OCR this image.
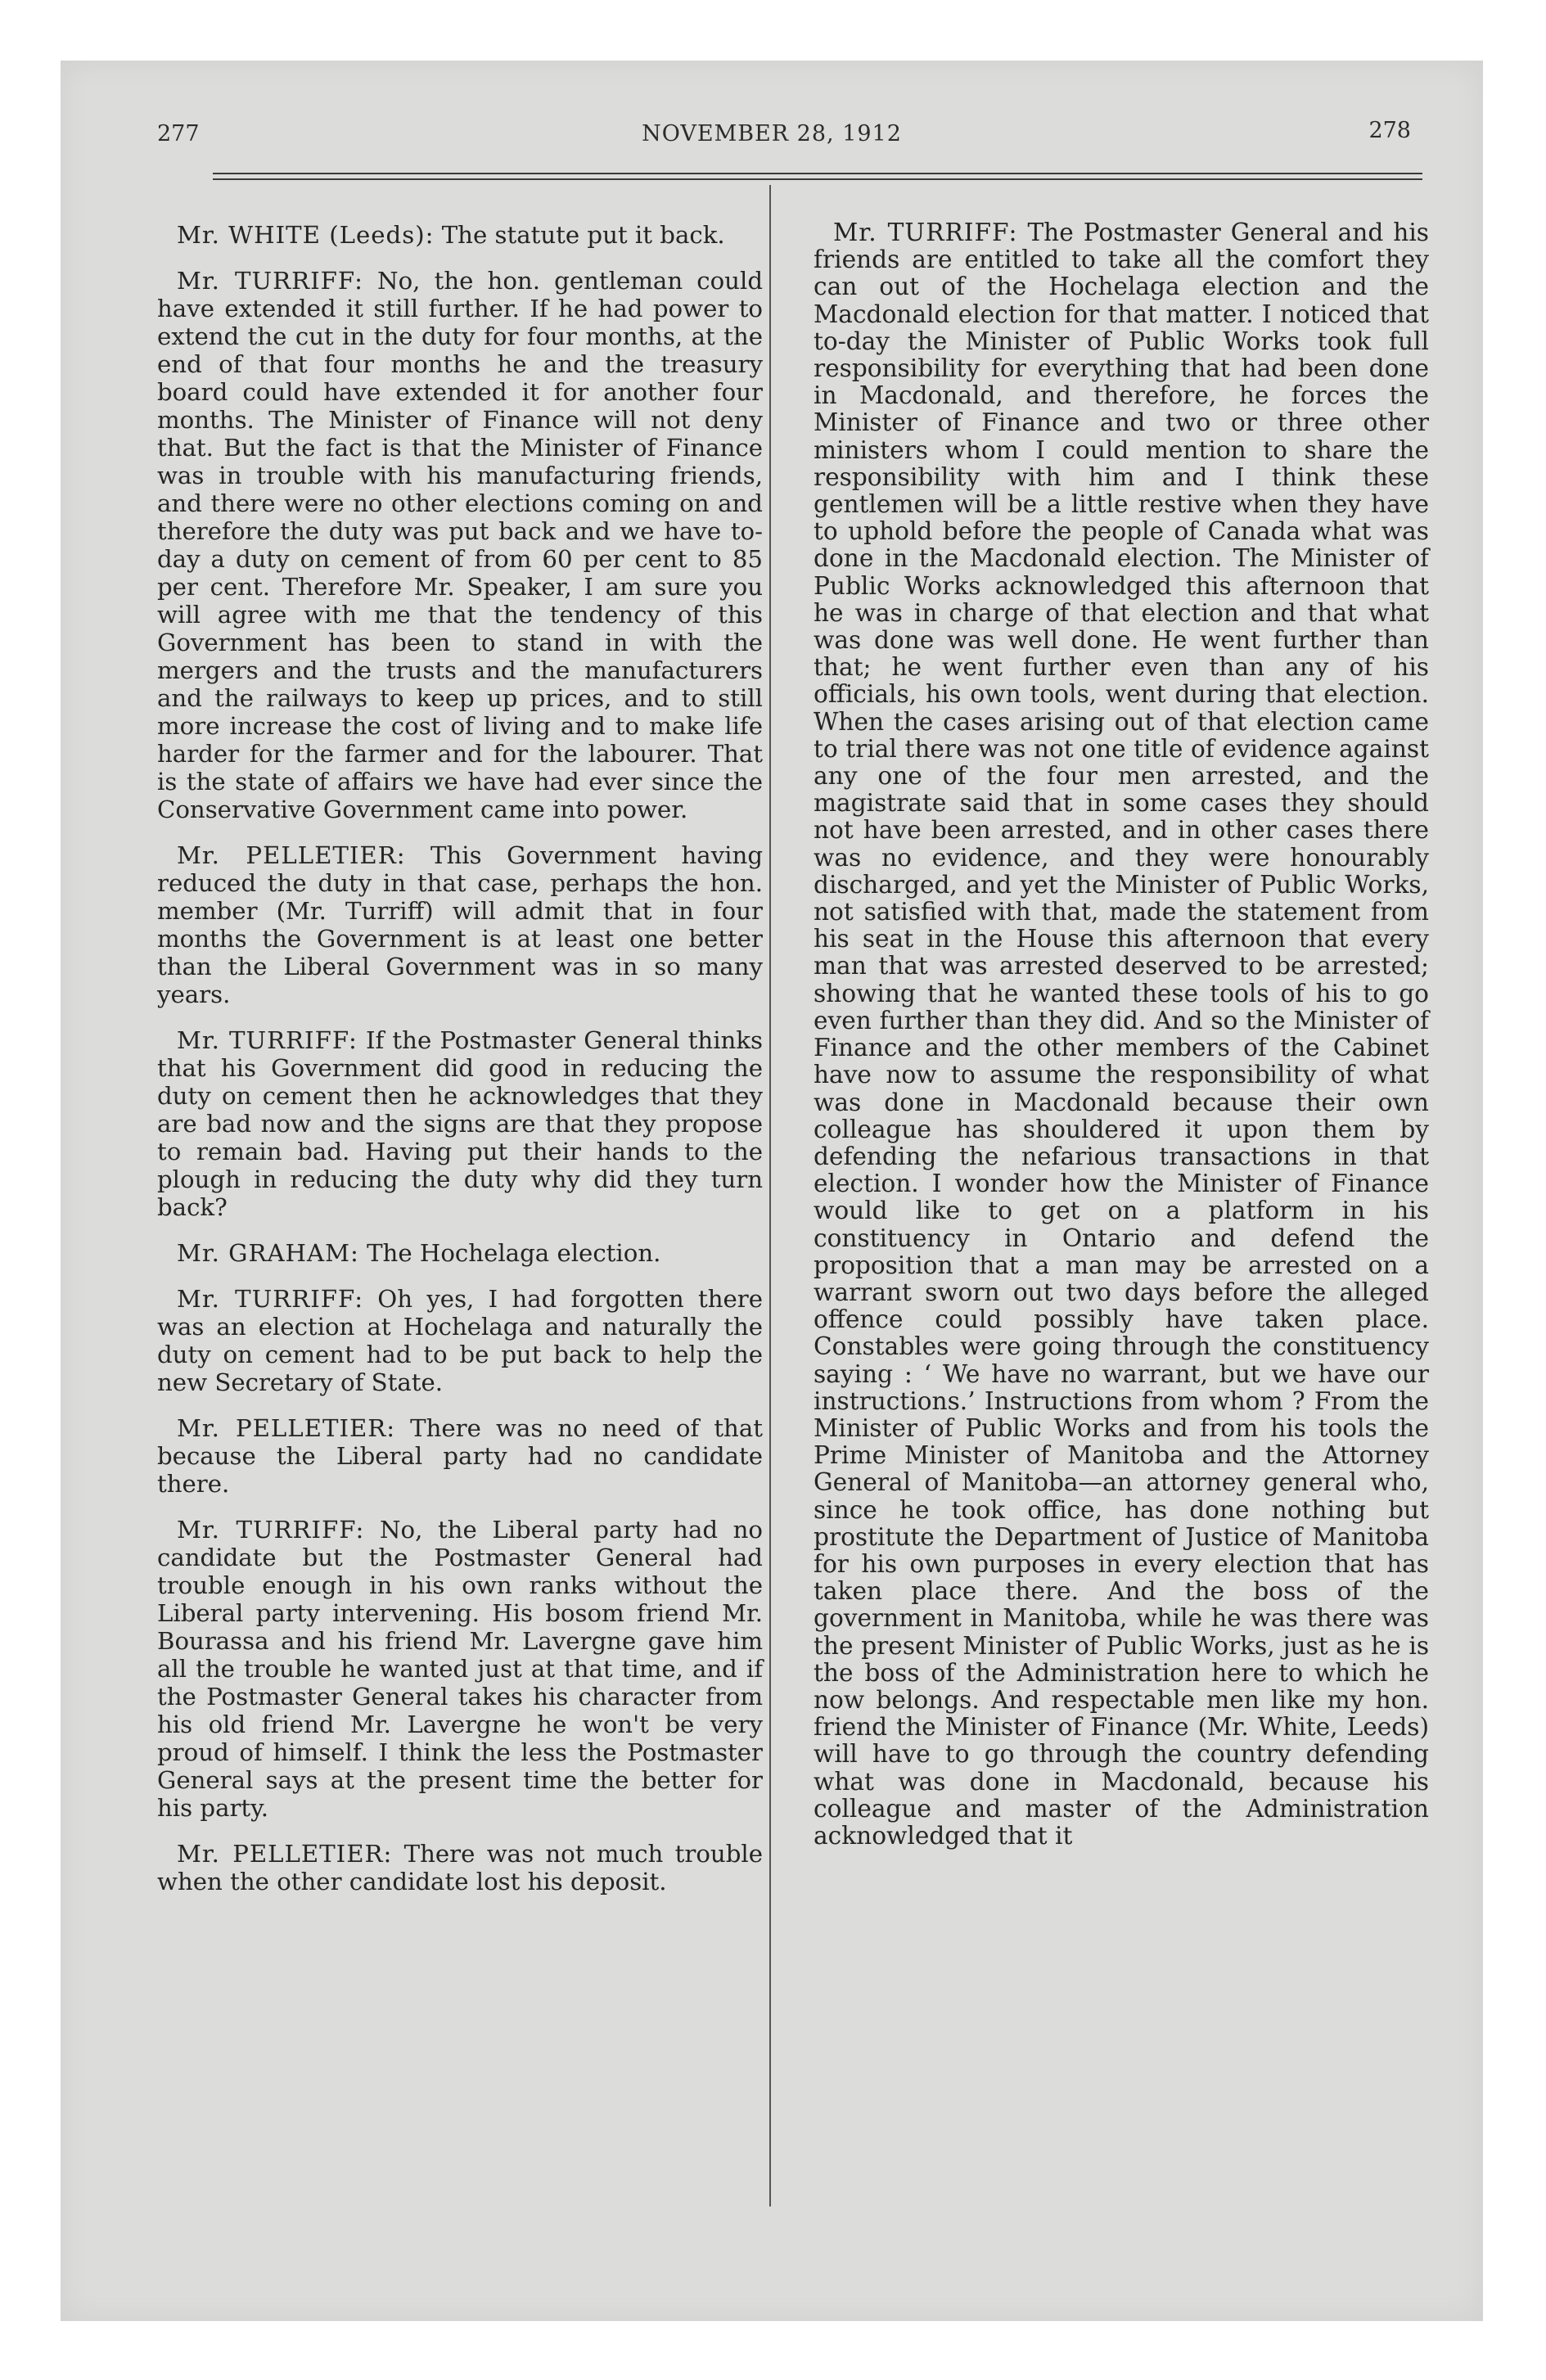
277	NOVEMBER 28, 1912	278

Mr. WHITE (Leeds): The statute put it back.

Mr. TURRIFF: No, the hon. gentleman could have extended it still further. If he had power to extend the cut in the duty for four months, at the end of that four months he and the treasury board could have extended it for another four months. The Minister of Finance will not deny that. But the fact is that the Minister of Finance was in trouble with his manufacturing friends, and there were no other elections coming on and therefore the duty was put back and we have to-day a duty on cement of from 60 per cent to 85 per cent. Therefore Mr. Speaker, I am sure you will agree with me that the tendency of this Government has been to stand in with the mergers and the trusts and the manufacturers and the railways to keep up prices, and to still more increase the cost of living and to make life harder for the farmer and for the labourer. That is the state of affairs we have had ever since the Conservative Government came into power.

Mr. PELLETIER: This Government having reduced the duty in that case, perhaps the hon. member (Mr. Turriff) will admit that in four months the Government is at least one better than the Liberal Government was in so many years.

Mr. TURRIFF: If the Postmaster General thinks that his Government did good in reducing the duty on cement then he acknowledges that they are bad now and the signs are that they propose to remain bad. Having put their hands to the plough in reducing the duty why did they turn back?

Mr. GRAHAM: The Hochelaga election.

Mr. TURRIFF: Oh yes, I had forgotten there was an election at Hochelaga and naturally the duty on cement had to be put back to help the new Secretary of State.

Mr. PELLETIER: There was no need of that because the Liberal party had no candidate there.

Mr. TURRIFF: No, the Liberal party had no candidate but the Postmaster General had trouble enough in his own ranks without the Liberal party intervening. His bosom friend Mr. Bourassa and his friend Mr. Lavergne gave him all the trouble he wanted just at that time, and if the Postmaster General takes his character from his old friend Mr. Lavergne he won't be very proud of himself. I think the less the Postmaster General says at the present time the better for his party.

Mr. PELLETIER: There was not much trouble when the other candidate lost his deposit.

Mr. TURRIFF: The Postmaster General and his friends are entitled to take all the comfort they can out of the Hochelaga election and the Macdonald election for that matter. I noticed that to-day the Minister of Public Works took full responsibility for everything that had been done in Macdonald, and therefore, he forces the Minister of Finance and two or three other ministers whom I could mention to share the responsibility with him and I think these gentlemen will be a little restive when they have to uphold before the people of Canada what was done in the Macdonald election. The Minister of Public Works acknowledged this afternoon that he was in charge of that election and that what was done was well done. He went further than that; he went further even than any of his officials, his own tools, went during that election. When the cases arising out of that election came to trial there was not one title of evidence against any one of the four men arrested, and the magistrate said that in some cases they should not have been arrested, and in other cases there was no evidence, and they were honourably discharged, and yet the Minister of Public Works, not satisfied with that, made the statement from his seat in the House this afternoon that every man that was arrested deserved to be arrested; showing that he wanted these tools of his to go even further than they did. And so the Minister of Finance and the other members of the Cabinet have now to assume the responsibility of what was done in Macdonald because their own colleague has shouldered it upon them by defending the nefarious transactions in that election. I wonder how the Minister of Finance would like to get on a platform in his constituency in Ontario and defend the proposition that a man may be arrested on a warrant sworn out two days before the alleged offence could possibly have taken place. Constables were going through the constituency saying : ‘ We have no warrant, but we have our instructions.’ Instructions from whom ? From the Minister of Public Works and from his tools the Prime Minister of Manitoba and the Attorney General of Manitoba—an attorney general who, since he took office, has done nothing but prostitute the Department of Justice of Manitoba for his own purposes in every election that has taken place there. And the boss of the government in Manitoba, while he was there was the present Minister of Public Works, just as he is the boss of the Administration here to which he now belongs. And respectable men like my hon. friend the Minister of Finance (Mr. White, Leeds) will have to go through the country defending what was done in Macdonald, because his colleague and master of the Administration acknowledged that it
